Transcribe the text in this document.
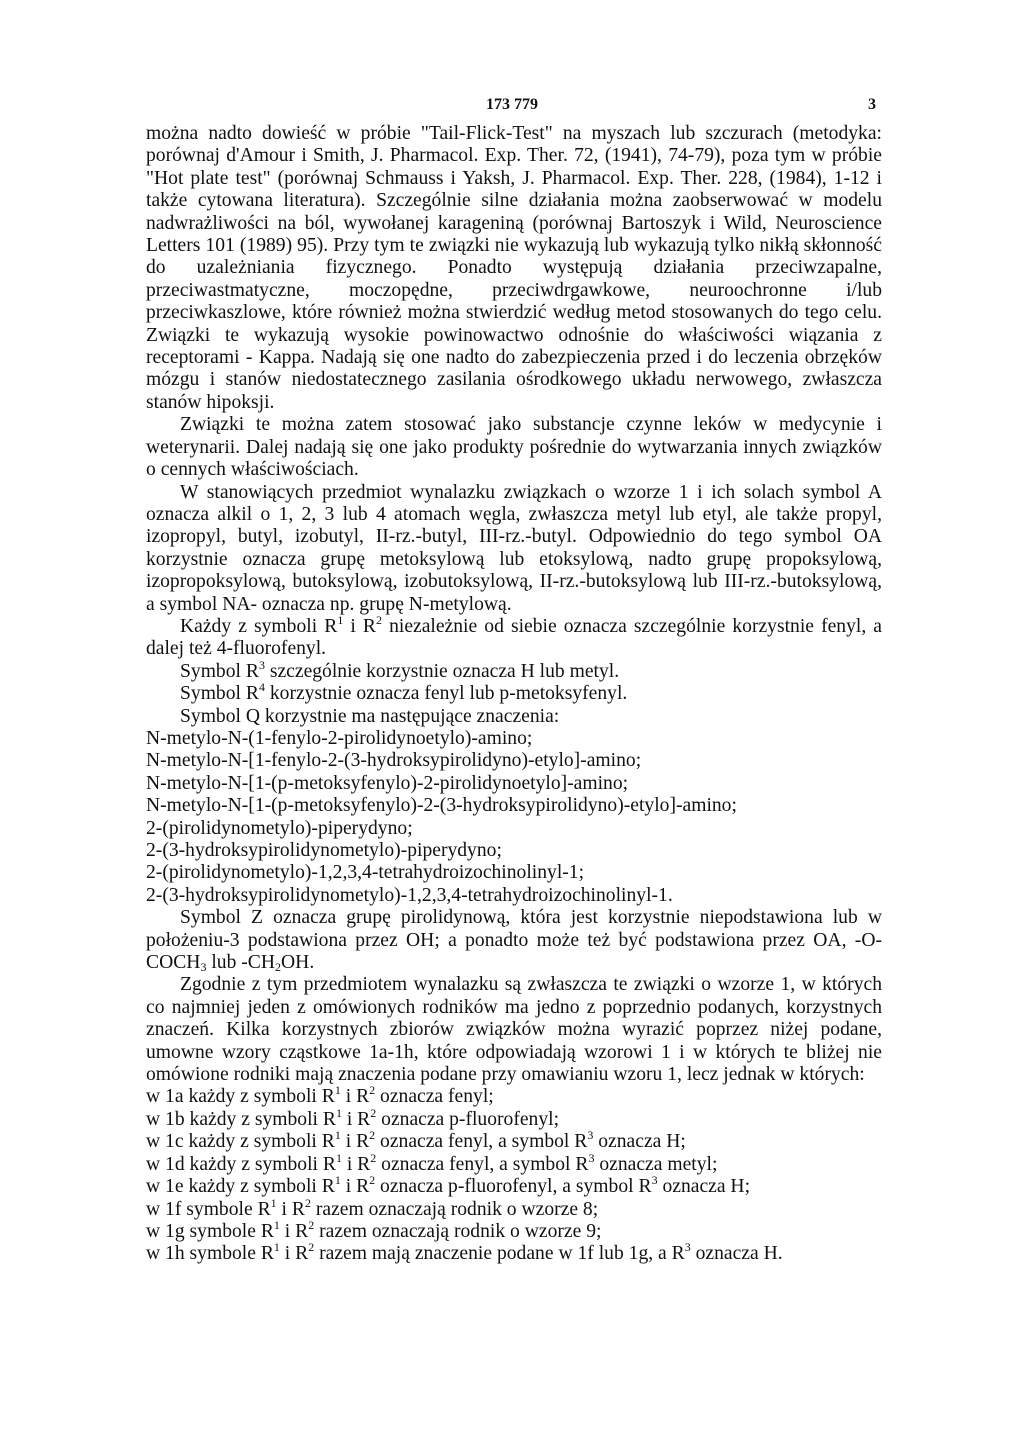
173 779	3

można nadto dowieść w próbie "Tail-Flick-Test" na myszach lub szczurach (metodyka: porównaj d'Amour i Smith, J. Pharmacol. Exp. Ther. 72, (1941), 74-79), poza tym w próbie "Hot plate test" (porównaj Schmauss i Yaksh, J. Pharmacol. Exp. Ther. 228, (1984), 1-12 i także cytowana literatura). Szczególnie silne działania można zaobserwować w modelu nadwrażliwości na ból, wywołanej karageniną (porównaj Bartoszyk i Wild, Neuroscience Letters 101 (1989) 95). Przy tym te związki nie wykazują lub wykazują tylko nikłą skłonność do uzależniania fizycznego. Ponadto występują działania przeciwzapalne, przeciwastmatyczne, moczopędne, przeciwdrgawkowe, neuroochronne i/lub przeciwkaszlowe, które również można stwierdzić według metod stosowanych do tego celu. Związki te wykazują wysokie powinowactwo odnośnie do właściwości wiązania z receptorami - Kappa. Nadają się one nadto do zabezpieczenia przed i do leczenia obrzęków mózgu i stanów niedostatecznego zasilania ośrodkowego układu nerwowego, zwłaszcza stanów hipoksji.

Związki te można zatem stosować jako substancje czynne leków w medycynie i weterynarii. Dalej nadają się one jako produkty pośrednie do wytwarzania innych związków o cennych właściwościach.

W stanowiących przedmiot wynalazku związkach o wzorze 1 i ich solach symbol A oznacza alkil o 1, 2, 3 lub 4 atomach węgla, zwłaszcza metyl lub etyl, ale także propyl, izopropyl, butyl, izobutyl, II-rz.-butyl, III-rz.-butyl. Odpowiednio do tego symbol OA korzystnie oznacza grupę metoksylową lub etoksylową, nadto grupę propoksylową, izopropoksylową, butoksylową, izobutoksylową, II-rz.-butoksylową lub III-rz.-butoksylową, a symbol NA- oznacza np. grupę N-metylową.

Każdy z symboli $R^1$ i $R^2$ niezależnie od siebie oznacza szczególnie korzystnie fenyl, a dalej też 4-fluorofenyl.

Symbol $R^3$ szczególnie korzystnie oznacza H lub metyl.

Symbol $R^4$ korzystnie oznacza fenyl lub p-metoksyfenyl.

Symbol Q korzystnie ma następujące znaczenia:

N-metylo-N-(1-fenylo-2-pirolidynoetylo)-amino;
N-metylo-N-[1-fenylo-2-(3-hydroksypirolidyno)-etylo]-amino;
N-metylo-N-[1-(p-metoksyfenylo)-2-pirolidynoetylo]-amino;
N-metylo-N-[1-(p-metoksyfenylo)-2-(3-hydroksypirolidyno)-etylo]-amino;
2-(pirolidynometylo)-piperydyno;
2-(3-hydroksypirolidynometylo)-piperydyno;
2-(pirolidynometylo)-1,2,3,4-tetrahydroizochinolinyl-1;
2-(3-hydroksypirolidynometylo)-1,2,3,4-tetrahydroizochinolinyl-1.

Symbol Z oznacza grupę pirolidynową, która jest korzystnie niepodstawiona lub w położeniu-3 podstawiona przez OH; a ponadto może też być podstawiona przez OA, $-O-COCH_3$ lub $-CH_2OH$.

Zgodnie z tym przedmiotem wynalazku są zwłaszcza te związki o wzorze 1, w których co najmniej jeden z omówionych rodników ma jedno z poprzednio podanych, korzystnych znaczeń. Kilka korzystnych zbiorów związków można wyrazić poprzez niżej podane, umowne wzory cząstkowe 1a-1h, które odpowiadają wzorowi 1 i w których te bliżej nie omówione rodniki mają znaczenia podane przy omawianiu wzoru 1, lecz jednak w których:

w 1a każdy z symboli $R^1$ i $R^2$ oznacza fenyl;
w 1b każdy z symboli $R^1$ i $R^2$ oznacza p-fluorofenyl;
w 1c każdy z symboli $R^1$ i $R^2$ oznacza fenyl, a symbol $R^3$ oznacza H;
w 1d każdy z symboli $R^1$ i $R^2$ oznacza fenyl, a symbol $R^3$ oznacza metyl;
w 1e każdy z symboli $R^1$ i $R^2$ oznacza p-fluorofenyl, a symbol $R^3$ oznacza H;
w 1f symbole $R^1$ i $R^2$ razem oznaczają rodnik o wzorze 8;
w 1g symbole $R^1$ i $R^2$ razem oznaczają rodnik o wzorze 9;
w 1h symbole $R^1$ i $R^2$ razem mają znaczenie podane w 1f lub 1g, a $R^3$ oznacza H.
